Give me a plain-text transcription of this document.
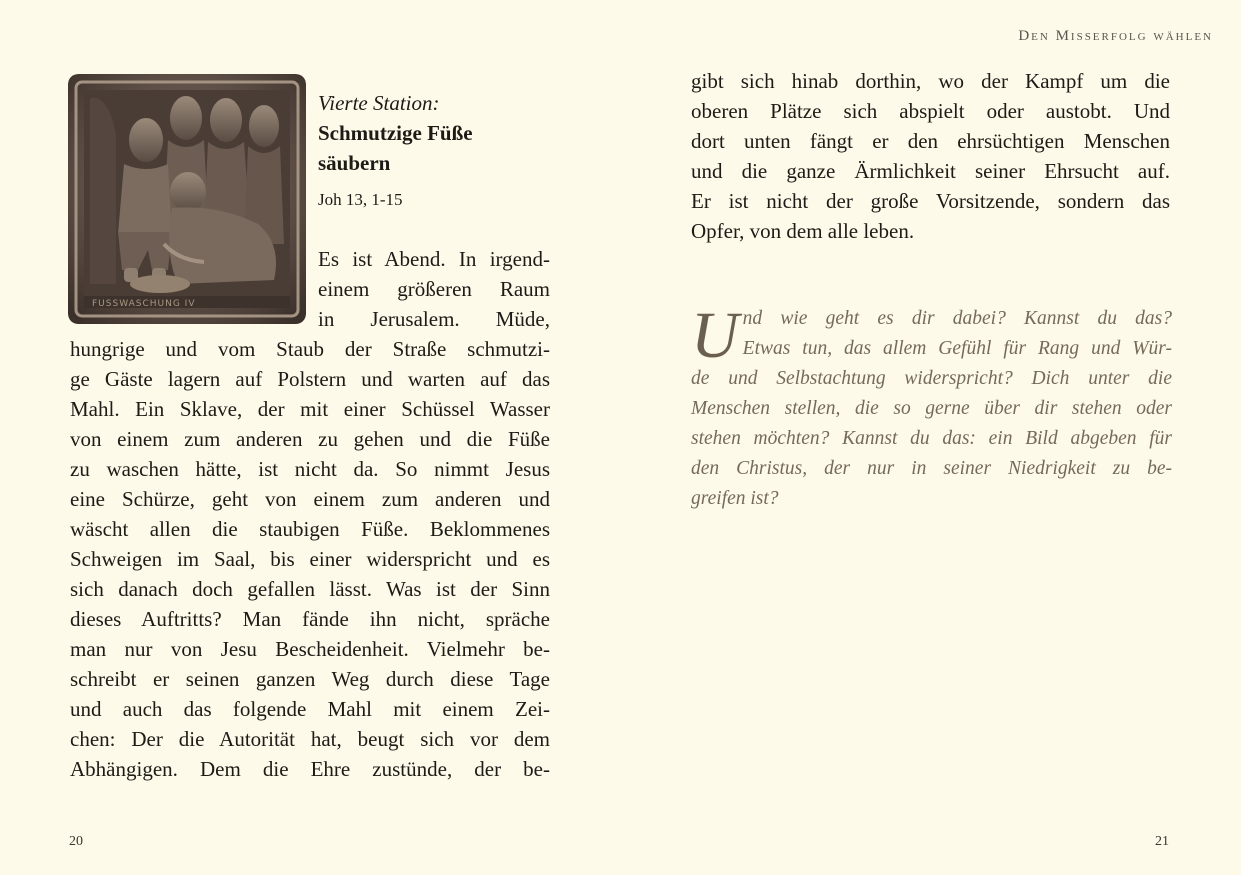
FUSSWASCHUNG IV
Vierte Station:
Schmutzige Füße
säubern
Joh 13, 1-15
Es ist Abend. In irgend-
einem größeren Raum
in Jerusalem. Müde,
hungrige und vom Staub der Straße schmutzi-
ge Gäste lagern auf Polstern und warten auf das
Mahl. Ein Sklave, der mit einer Schüssel Wasser
von einem zum anderen zu gehen und die Füße
zu waschen hätte, ist nicht da. So nimmt Jesus
eine Schürze, geht von einem zum anderen und
wäscht allen die staubigen Füße. Beklommenes
Schweigen im Saal, bis einer widerspricht und es
sich danach doch gefallen lässt. Was ist der Sinn
dieses Auftritts? Man fände ihn nicht, spräche
man nur von Jesu Bescheidenheit. Vielmehr be-
schreibt er seinen ganzen Weg durch diese Tage
und auch das folgende Mahl mit einem Zei-
chen: Der die Autorität hat, beugt sich vor dem
Abhängigen. Dem die Ehre zustünde, der be-
20
Den Misserfolg wählen
gibt sich hinab dorthin, wo der Kampf um die
oberen Plätze sich abspielt oder austobt. Und
dort unten fängt er den ehrsüchtigen Menschen
und die ganze Ärmlichkeit seiner Ehrsucht auf.
Er ist nicht der große Vorsitzende, sondern das
Opfer, von dem alle leben.
U nd wie geht es dir dabei? Kannst du das?
Etwas tun, das allem Gefühl für Rang und Wür-
de und Selbstachtung widerspricht? Dich unter die
Menschen stellen, die so gerne über dir stehen oder
stehen möchten? Kannst du das: ein Bild abgeben für
den Christus, der nur in seiner Niedrigkeit zu be-
greifen ist?
21
